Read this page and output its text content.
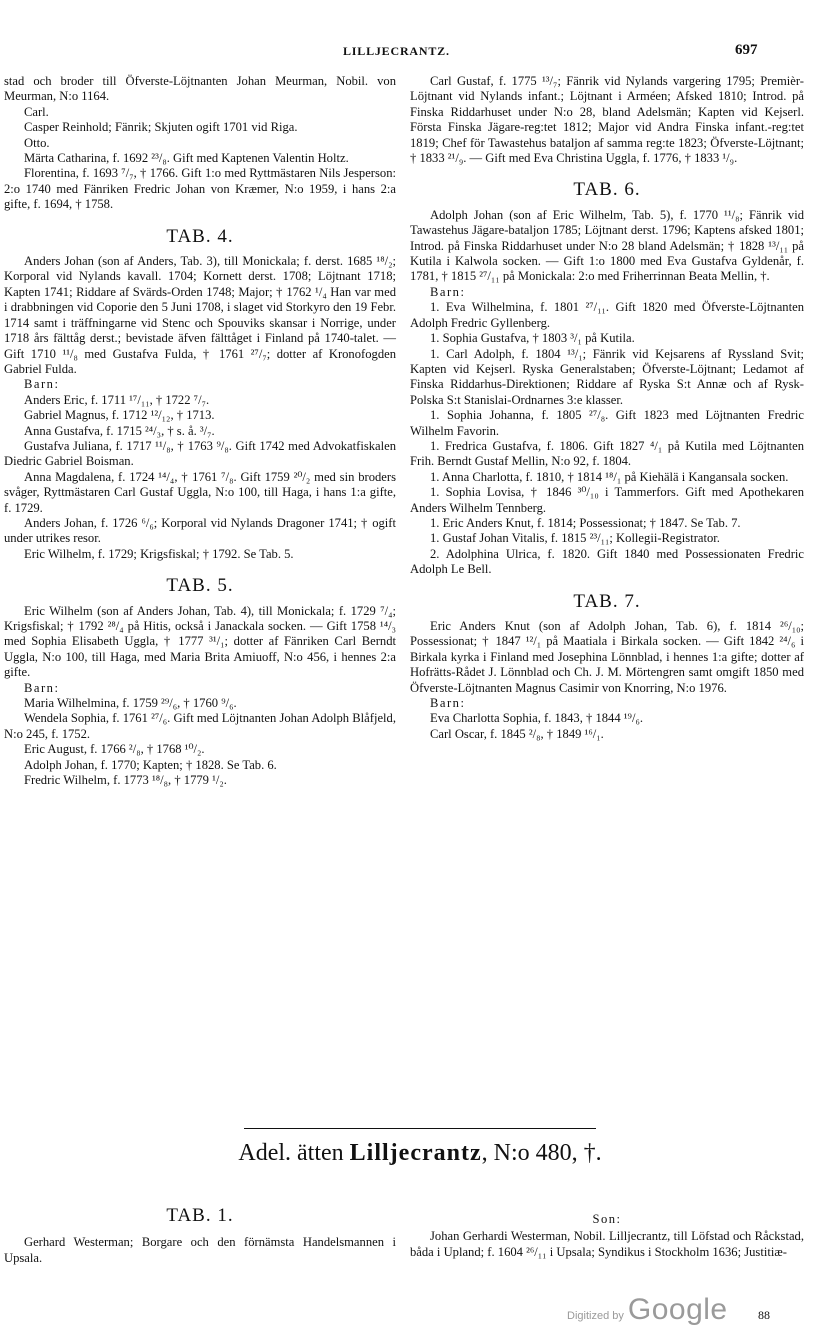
LILLJECRANTZ.	697

stad och broder till Öfverste-Löjtnanten Johan Meurman, Nobil. von Meurman, N:o 1164.

Carl.

Casper Reinhold; Fänrik; Skjuten ogift 1701 vid Riga.

Otto.

Märta Catharina, f. 1692 ²³/₈. Gift med Kaptenen Valentin Holtz.

Florentina, f. 1693 ⁷/₇, † 1766. Gift 1:o med Ryttmästaren Nils Jesperson: 2:o 1740 med Fänriken Fredric Johan von Kræmer, N:o 1959, i hans 2:a gifte, f. 1694, † 1758.

TAB. 4.

Anders Johan (son af Anders, Tab. 3), till Monickala; f. derst. 1685 ¹⁸/₂; Korporal vid Nylands kavall. 1704; Kornett derst. 1708; Löjtnant 1718; Kapten 1741; Riddare af Svärds-Orden 1748; Major; † 1762 ¹/₄ Han var med i drabbningen vid Coporie den 5 Juni 1708, i slaget vid Storkyro den 19 Febr. 1714 samt i träffningarne vid Stenc och Spouviks skansar i Norrige, under 1718 års fälttåg derst.; bevistade äfven fälttåget i Finland på 1740-talet. — Gift 1710 ¹¹/₈ med Gustafva Fulda, † 1761 ²⁷/₇; dotter af Kronofogden Gabriel Fulda.

Barn:

Anders Eric, f. 1711 ¹⁷/₁₁, † 1722 ⁷/₇.

Gabriel Magnus, f. 1712 ¹²/₁₂, † 1713.

Anna Gustafva, f. 1715 ²⁴/₃, † s. å. ³/₇.

Gustafva Juliana, f. 1717 ¹¹/₈, † 1763 ⁹/₈. Gift 1742 med Advokatfiskalen Diedric Gabriel Boisman.

Anna Magdalena, f. 1724 ¹⁴/₄, † 1761 ⁷/₈. Gift 1759 ²⁰/₂ med sin broders svåger, Ryttmästaren Carl Gustaf Uggla, N:o 100, till Haga, i hans 1:a gifte, f. 1729.

Anders Johan, f. 1726 ⁶/₆; Korporal vid Nylands Dragoner 1741; † ogift under utrikes resor.

Eric Wilhelm, f. 1729; Krigsfiskal; † 1792. Se Tab. 5.

TAB. 5.

Eric Wilhelm (son af Anders Johan, Tab. 4), till Monickala; f. 1729 ⁷/₄; Krigsfiskal; † 1792 ²⁸/₄ på Hitis, också i Janackala socken. — Gift 1758 ¹⁴/₃ med Sophia Elisabeth Uggla, † 1777 ³¹/₁; dotter af Fänriken Carl Berndt Uggla, N:o 100, till Haga, med Maria Brita Amiuoff, N:o 456, i hennes 2:a gifte.

Barn:

Maria Wilhelmina, f. 1759 ²⁹/₆, † 1760 ⁹/₆.

Wendela Sophia, f. 1761 ²⁷/₆. Gift med Löjtnanten Johan Adolph Blåfjeld, N:o 245, f. 1752.

Eric August, f. 1766 ²/₈, † 1768 ¹⁰/₂.

Adolph Johan, f. 1770; Kapten; † 1828. Se Tab. 6.

Fredric Wilhelm, f. 1773 ¹⁸/₈, † 1779 ¹/₂.

Carl Gustaf, f. 1775 ¹³/₇; Fänrik vid Nylands vargering 1795; Premièr-Löjtnant vid Nylands infant.; Löjtnant i Arméen; Afsked 1810; Introd. på Finska Riddarhuset under N:o 28, bland Adelsmän; Kapten vid Kejserl. Första Finska Jägare-reg:tet 1812; Major vid Andra Finska infant.-reg:tet 1819; Chef för Tawastehus bataljon af samma reg:te 1823; Öfverste-Löjtnant; † 1833 ²¹/₉. — Gift med Eva Christina Uggla, f. 1776, † 1833 ¹/₉.

TAB. 6.

Adolph Johan (son af Eric Wilhelm, Tab. 5), f. 1770 ¹¹/₈; Fänrik vid Tawastehus Jägare-bataljon 1785; Löjtnant derst. 1796; Kaptens afsked 1801; Introd. på Finska Riddarhuset under N:o 28 bland Adelsmän; † 1828 ¹³/₁₁ på Kutila i Kalwola socken. — Gift 1:o 1800 med Eva Gustafva Gyldenår, f. 1781, † 1815 ²⁷/₁₁ på Monickala: 2:o med Friherrinnan Beata Mellin, †.

Barn:

1. Eva Wilhelmina, f. 1801 ²⁷/₁₁. Gift 1820 med Öfverste-Löjtnanten Adolph Fredric Gyllenberg.

1. Sophia Gustafva, † 1803 ³/₁ på Kutila.

1. Carl Adolph, f. 1804 ¹³/₁; Fänrik vid Kejsarens af Ryssland Svit; Kapten vid Kejserl. Ryska Generalstaben; Öfverste-Löjtnant; Ledamot af Finska Riddarhus-Direktionen; Riddare af Ryska S:t Annæ och af Rysk-Polska S:t Stanislai-Ordnarnes 3:e klasser.

1. Sophia Johanna, f. 1805 ²⁷/₈. Gift 1823 med Löjtnanten Fredric Wilhelm Favorin.

1. Fredrica Gustafva, f. 1806. Gift 1827 ⁴/₁ på Kutila med Löjtnanten Frih. Berndt Gustaf Mellin, N:o 92, f. 1804.

1. Anna Charlotta, f. 1810, † 1814 ¹⁸/₁ på Kiehälä i Kangansala socken.

1. Sophia Lovisa, † 1846 ³⁰/₁₀ i Tammerfors. Gift med Apothekaren Anders Wilhelm Tennberg.

1. Eric Anders Knut, f. 1814; Possessionat; † 1847. Se Tab. 7.

1. Gustaf Johan Vitalis, f. 1815 ²³/₁₁; Kollegii-Registrator.

2. Adolphina Ulrica, f. 1820. Gift 1840 med Possessionaten Fredric Adolph Le Bell.

TAB. 7.

Eric Anders Knut (son af Adolph Johan, Tab. 6), f. 1814 ²⁶/₁₀; Possessionat; † 1847 ¹²/₁ på Maatiala i Birkala socken. — Gift 1842 ²⁴/₆ i Birkala kyrka i Finland med Josephina Lönnblad, i hennes 1:a gifte; dotter af Hofrätts-Rådet J. Lönnblad och Ch. J. M. Mörtengren samt omgift 1850 med Öfverste-Löjtnanten Magnus Casimir von Knorring, N:o 1976.

Barn:

Eva Charlotta Sophia, f. 1843, † 1844 ¹⁹/₆.

Carl Oscar, f. 1845 ²/₈, † 1849 ¹⁶/₁.

Adel. ätten Lilljecrantz, N:o 480, †.
TAB. 1.

Gerhard Westerman; Borgare och den förnämsta Handelsmannen i Upsala.

Son:

Johan Gerhardi Westerman, Nobil. Lilljecrantz, till Löfstad och Råckstad, båda i Upland; f. 1604 ²⁶/₁₁ i Upsala; Syndikus i Stockholm 1636; Justitiæ-

88
Digitized by Google
